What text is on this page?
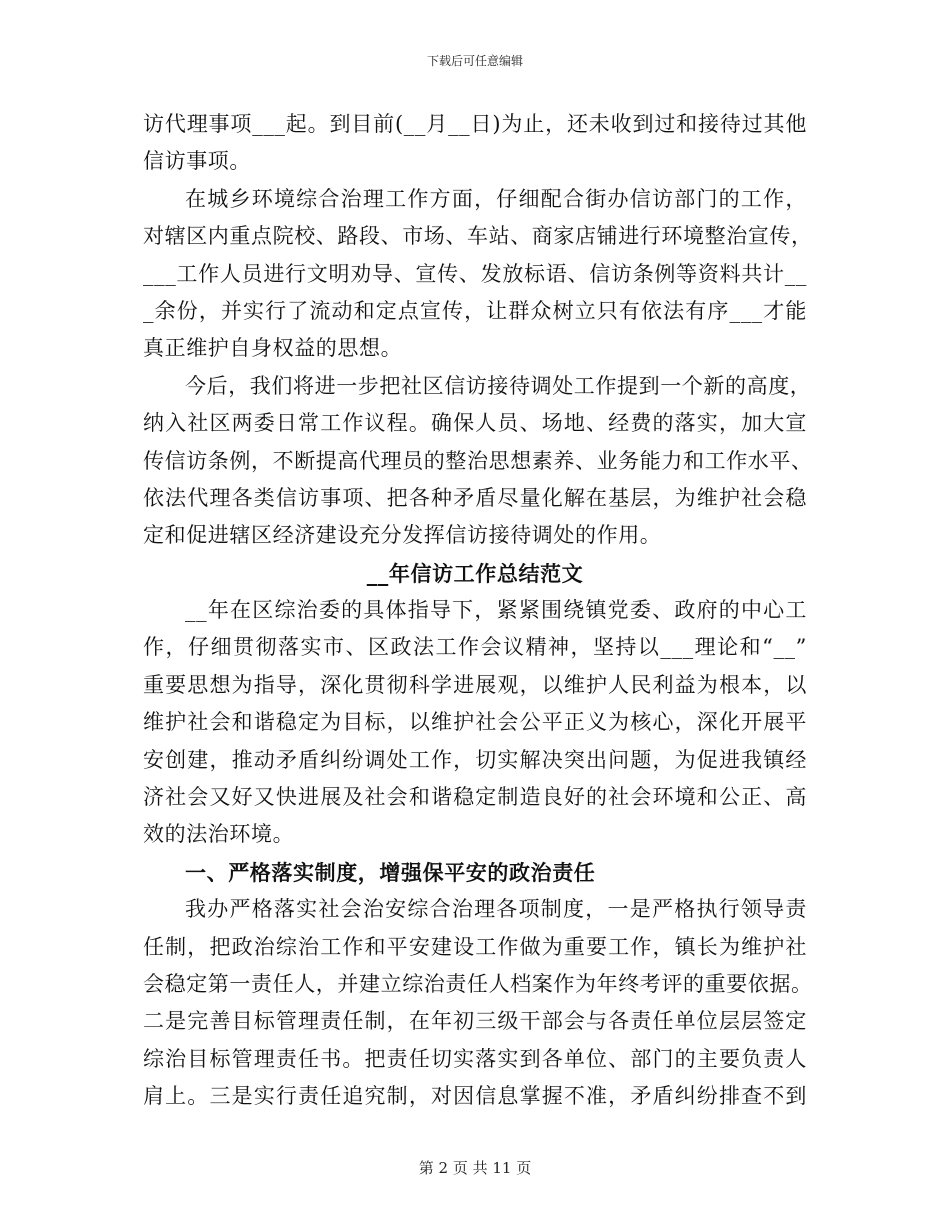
下载后可任意编辑
访代理事项___起。到目前(__月__日)为止，还未收到过和接待过其他
信访事项。
在城乡环境综合治理工作方面，仔细配合街办信访部门的工作，
对辖区内重点院校、路段、市场、车站、商家店铺进行环境整治宣传，
___工作人员进行文明劝导、宣传、发放标语、信访条例等资料共计__
_余份，并实行了流动和定点宣传，让群众树立只有依法有序___才能
真正维护自身权益的思想。
今后，我们将进一步把社区信访接待调处工作提到一个新的高度，
纳入社区两委日常工作议程。确保人员、场地、经费的落实，加大宣
传信访条例，不断提高代理员的整治思想素养、业务能力和工作水平、
依法代理各类信访事项、把各种矛盾尽量化解在基层，为维护社会稳
定和促进辖区经济建设充分发挥信访接待调处的作用。
__年信访工作总结范文
__年在区综治委的具体指导下，紧紧围绕镇党委、政府的中心工
作，仔细贯彻落实市、区政法工作会议精神，坚持以___理论和“__”
重要思想为指导，深化贯彻科学进展观，以维护人民利益为根本，以
维护社会和谐稳定为目标，以维护社会公平正义为核心，深化开展平
安创建，推动矛盾纠纷调处工作，切实解决突出问题，为促进我镇经
济社会又好又快进展及社会和谐稳定制造良好的社会环境和公正、高
效的法治环境。
一、严格落实制度，增强保平安的政治责任
我办严格落实社会治安综合治理各项制度，一是严格执行领导责
任制，把政治综治工作和平安建设工作做为重要工作，镇长为维护社
会稳定第一责任人，并建立综治责任人档案作为年终考评的重要依据。
二是完善目标管理责任制，在年初三级干部会与各责任单位层层签定
综治目标管理责任书。把责任切实落实到各单位、部门的主要负责人
肩上。三是实行责任追究制，对因信息掌握不准，矛盾纠纷排查不到
第 2 页 共 11 页
